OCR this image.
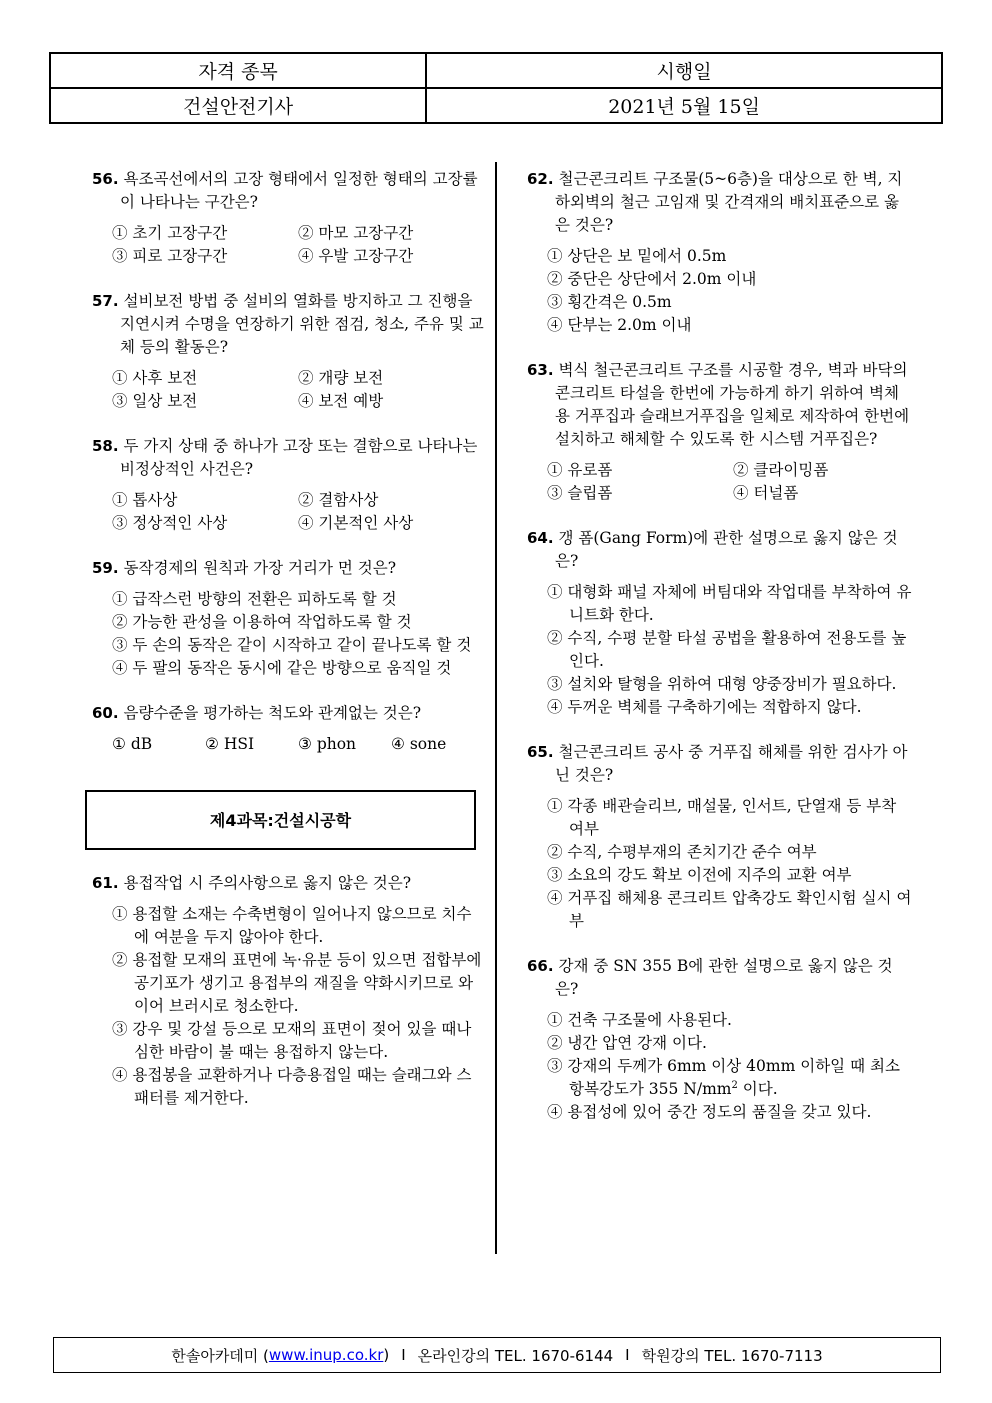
자격 종목	시행일
건설안전기사	2021년 5월 15일
56. 욕조곡선에서의 고장 형태에서 일정한 형태의 고장률이 나타나는 구간은?
① 초기 고장구간	② 마모 고장구간
③ 피로 고장구간	④ 우발 고장구간
57. 설비보전 방법 중 설비의 열화를 방지하고 그 진행을 지연시켜 수명을 연장하기 위한 점검, 청소, 주유 및 교체 등의 활동은?
① 사후 보전	② 개량 보전
③ 일상 보전	④ 보전 예방
58. 두 가지 상태 중 하나가 고장 또는 결함으로 나타나는 비정상적인 사건은?
① 톱사상	② 결함사상
③ 정상적인 사상	④ 기본적인 사상
59. 동작경제의 원칙과 가장 거리가 먼 것은?
① 급작스런 방향의 전환은 피하도록 할 것
② 가능한 관성을 이용하여 작업하도록 할 것
③ 두 손의 동작은 같이 시작하고 같이 끝나도록 할 것
④ 두 팔의 동작은 동시에 같은 방향으로 움직일 것
60. 음량수준을 평가하는 척도와 관계없는 것은?
① dB	② HSI	③ phon	④ sone
제4과목:건설시공학
61. 용접작업 시 주의사항으로 옳지 않은 것은?
① 용접할 소재는 수축변형이 일어나지 않으므로 치수에 여분을 두지 않아야 한다.
② 용접할 모재의 표면에 녹·유분 등이 있으면 접합부에 공기포가 생기고 용접부의 재질을 약화시키므로 와이어 브러시로 청소한다.
③ 강우 및 강설 등으로 모재의 표면이 젖어 있을 때나 심한 바람이 불 때는 용접하지 않는다.
④ 용접봉을 교환하거나 다층용접일 때는 슬래그와 스패터를 제거한다.
62. 철근콘크리트 구조물(5~6층)을 대상으로 한 벽, 지하외벽의 철근 고임재 및 간격재의 배치표준으로 옳은 것은?
① 상단은 보 밑에서 0.5m
② 중단은 상단에서 2.0m 이내
③ 횡간격은 0.5m
④ 단부는 2.0m 이내
63. 벽식 철근콘크리트 구조를 시공할 경우, 벽과 바닥의 콘크리트 타설을 한번에 가능하게 하기 위하여 벽체용 거푸집과 슬래브거푸집을 일체로 제작하여 한번에 설치하고 해체할 수 있도록 한 시스템 거푸집은?
① 유로폼	② 클라이밍폼
③ 슬립폼	④ 터널폼
64. 갱 폼(Gang Form)에 관한 설명으로 옳지 않은 것은?
① 대형화 패널 자체에 버팀대와 작업대를 부착하여 유니트화 한다.
② 수직, 수평 분할 타설 공법을 활용하여 전용도를 높인다.
③ 설치와 탈형을 위하여 대형 양중장비가 필요하다.
④ 두꺼운 벽체를 구축하기에는 적합하지 않다.
65. 철근콘크리트 공사 중 거푸집 해체를 위한 검사가 아닌 것은?
① 각종 배관슬리브, 매설물, 인서트, 단열재 등 부착 여부
② 수직, 수평부재의 존치기간 준수 여부
③ 소요의 강도 확보 이전에 지주의 교환 여부
④ 거푸집 해체용 콘크리트 압축강도 확인시험 실시 여부
66. 강재 중 SN 355 B에 관한 설명으로 옳지 않은 것은?
① 건축 구조물에 사용된다.
② 냉간 압연 강재 이다.
③ 강재의 두께가 6mm 이상 40mm 이하일 때 최소 항복강도가 355 $N/mm^2$ 이다.
④ 용접성에 있어 중간 정도의 품질을 갖고 있다.
한솔아카데미 ( www.inup.co.kr ) I 온라인강의 TEL. 1670-6144 I 학원강의 TEL. 1670-7113
